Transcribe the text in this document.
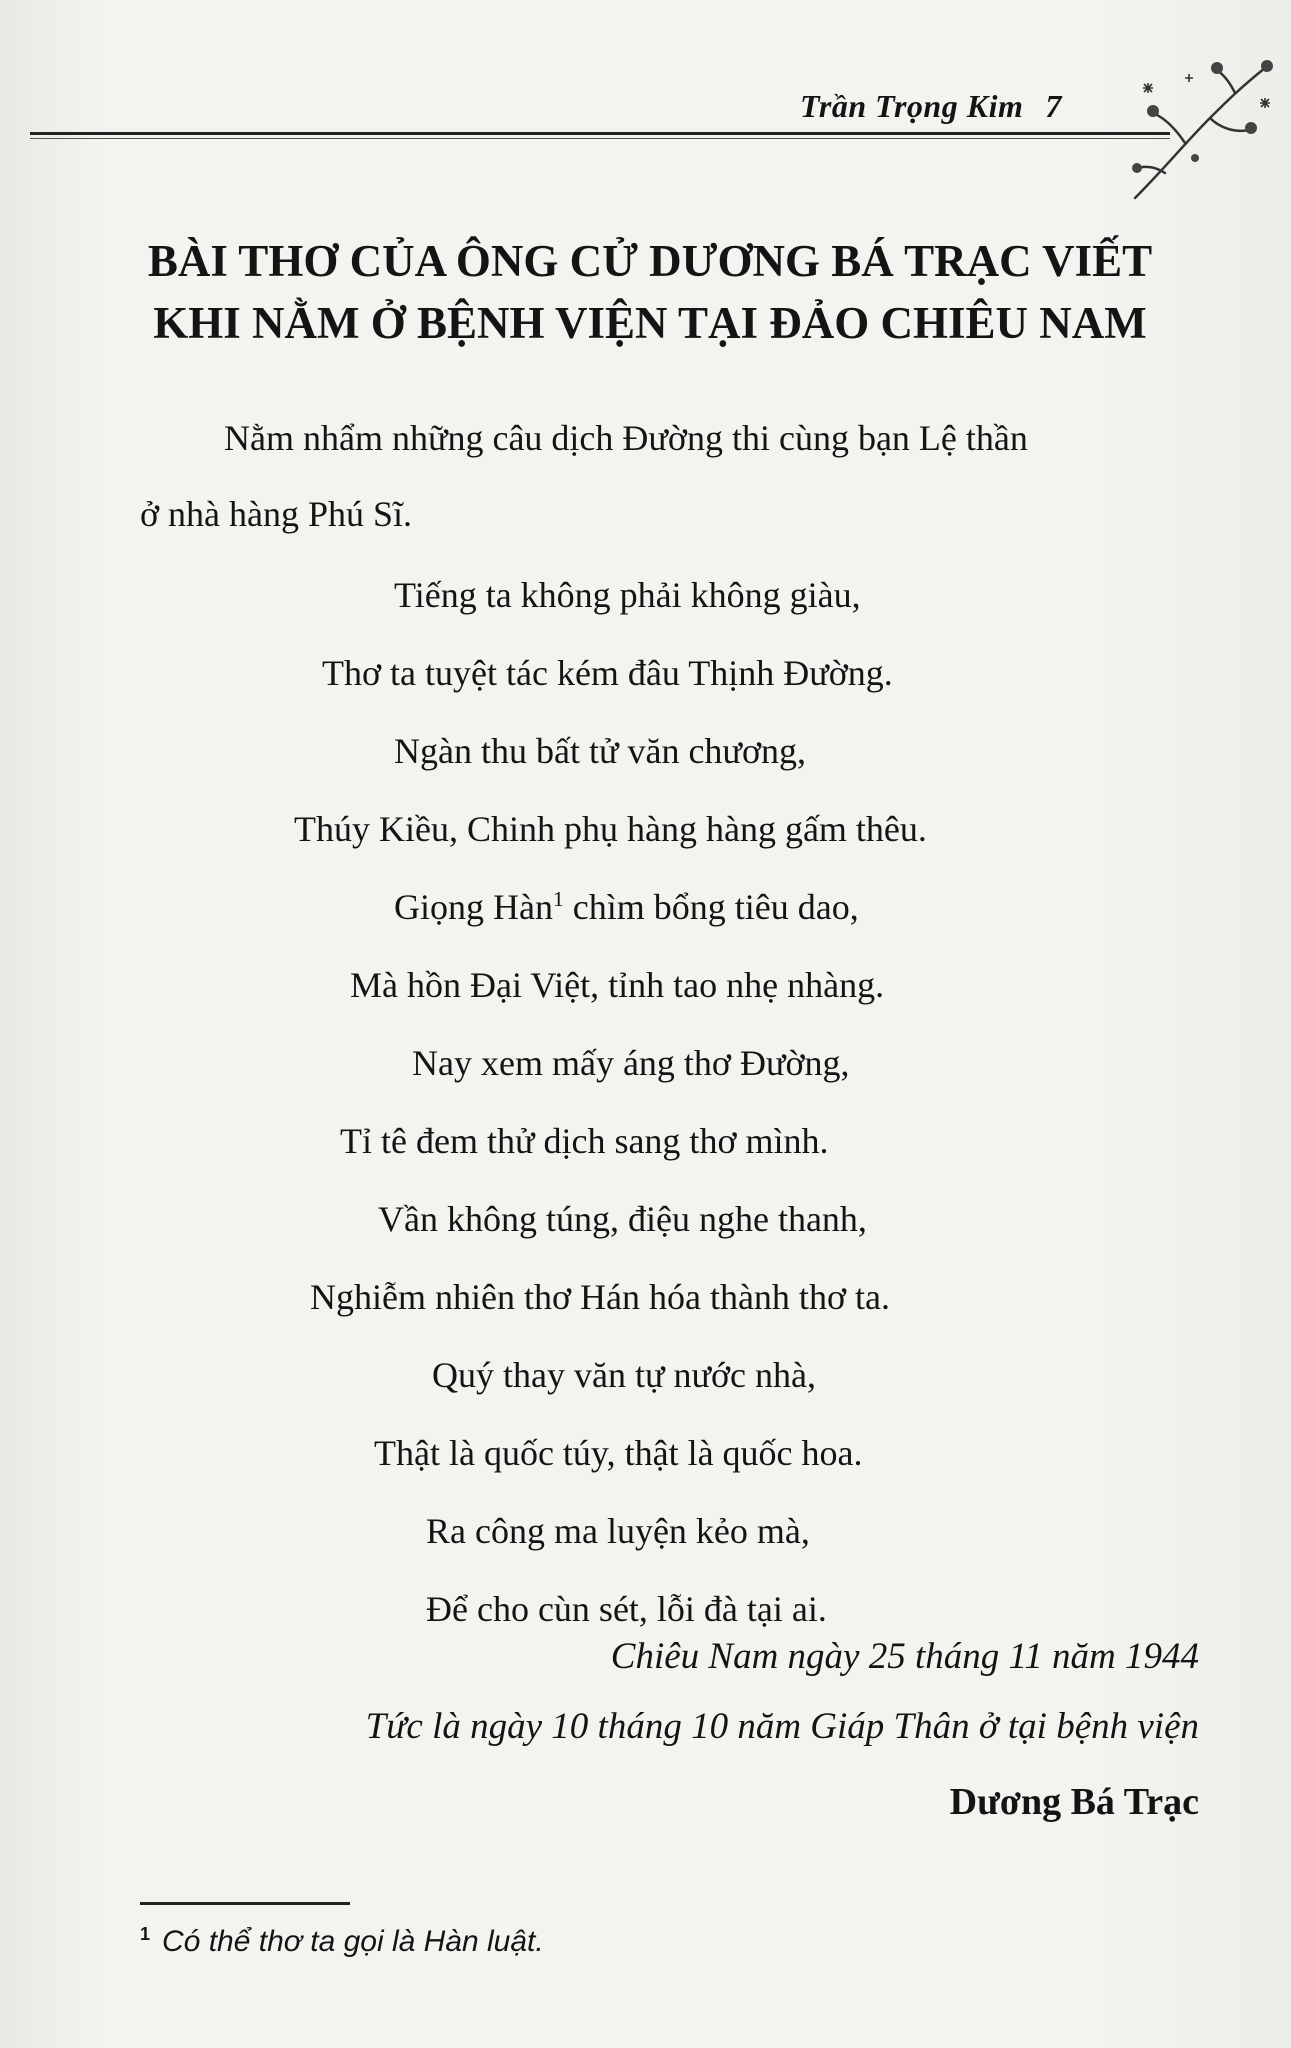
Trần Trọng Kim 7
BÀI THƠ CỦA ÔNG CỬ DƯƠNG BÁ TRẠC VIẾT
KHI NẰM Ở BỆNH VIỆN TẠI ĐẢO CHIÊU NAM
Nằm nhẩm những câu dịch Đường thi cùng bạn Lệ thần
ở nhà hàng Phú Sĩ.
Tiếng ta không phải không giàu,
Thơ ta tuyệt tác kém đâu Thịnh Đường.
Ngàn thu bất tử văn chương,
Thúy Kiều, Chinh phụ hàng hàng gấm thêu.
Giọng Hàn$^1$ chìm bổng tiêu dao,
Mà hồn Đại Việt, tỉnh tao nhẹ nhàng.
Nay xem mấy áng thơ Đường,
Tỉ tê đem thử dịch sang thơ mình.
Vần không túng, điệu nghe thanh,
Nghiễm nhiên thơ Hán hóa thành thơ ta.
Quý thay văn tự nước nhà,
Thật là quốc túy, thật là quốc hoa.
Ra công ma luyện kẻo mà,
Để cho cùn sét, lỗi đà tại ai.
Chiêu Nam ngày 25 tháng 11 năm 1944
Tức là ngày 10 tháng 10 năm Giáp Thân ở tại bệnh viện
Dương Bá Trạc
$^1$ Có thể thơ ta gọi là Hàn luật.
